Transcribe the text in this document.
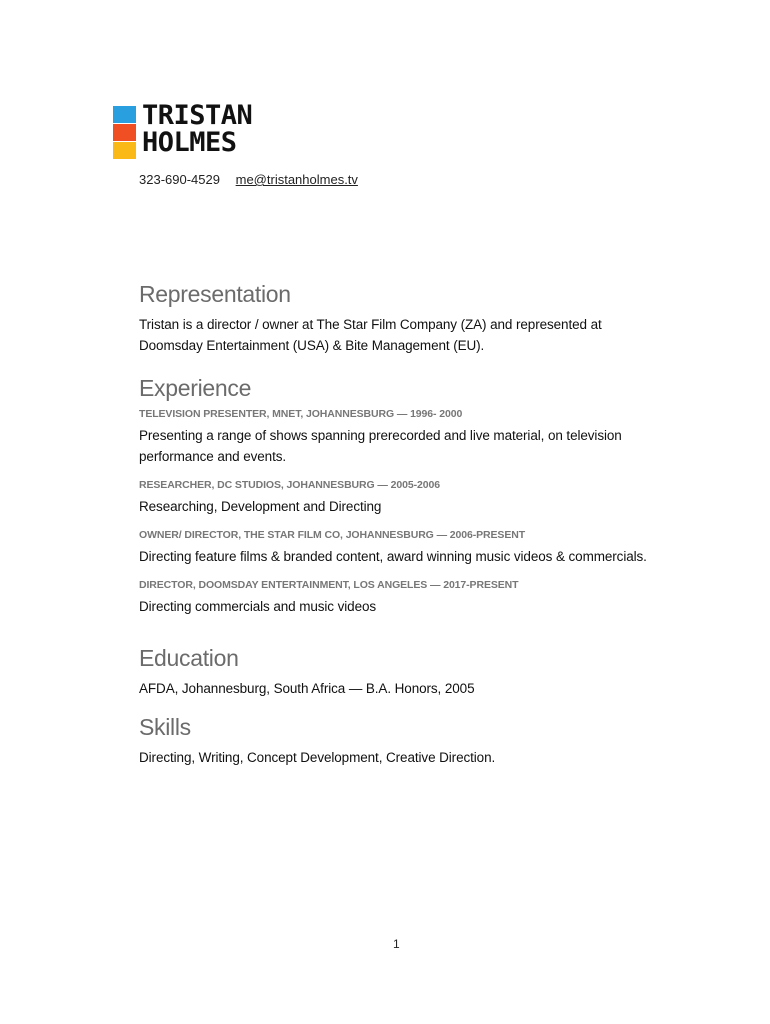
TRISTAN
HOLMES
323-690-4529 me@tristanholmes.tv
Representation

Tristan is a director / owner at The Star Film Company (ZA) and represented at Doomsday Entertainment (USA) & Bite Management (EU).

Experience

TELEVISION PRESENTER, MNET, JOHANNESBURG — 1996- 2000

Presenting a range of shows spanning prerecorded and live material, on television performance and events.

RESEARCHER, DC STUDIOS, JOHANNESBURG — 2005-2006

Researching, Development and Directing

OWNER/ DIRECTOR, THE STAR FILM CO, JOHANNESBURG — 2006-PRESENT

Directing feature films & branded content, award winning music videos & commercials.

DIRECTOR, DOOMSDAY ENTERTAINMENT, LOS ANGELES — 2017-PRESENT

Directing commercials and music videos

Education

AFDA, Johannesburg, South Africa — B.A. Honors, 2005

Skills

Directing, Writing, Concept Development, Creative Direction.

1
